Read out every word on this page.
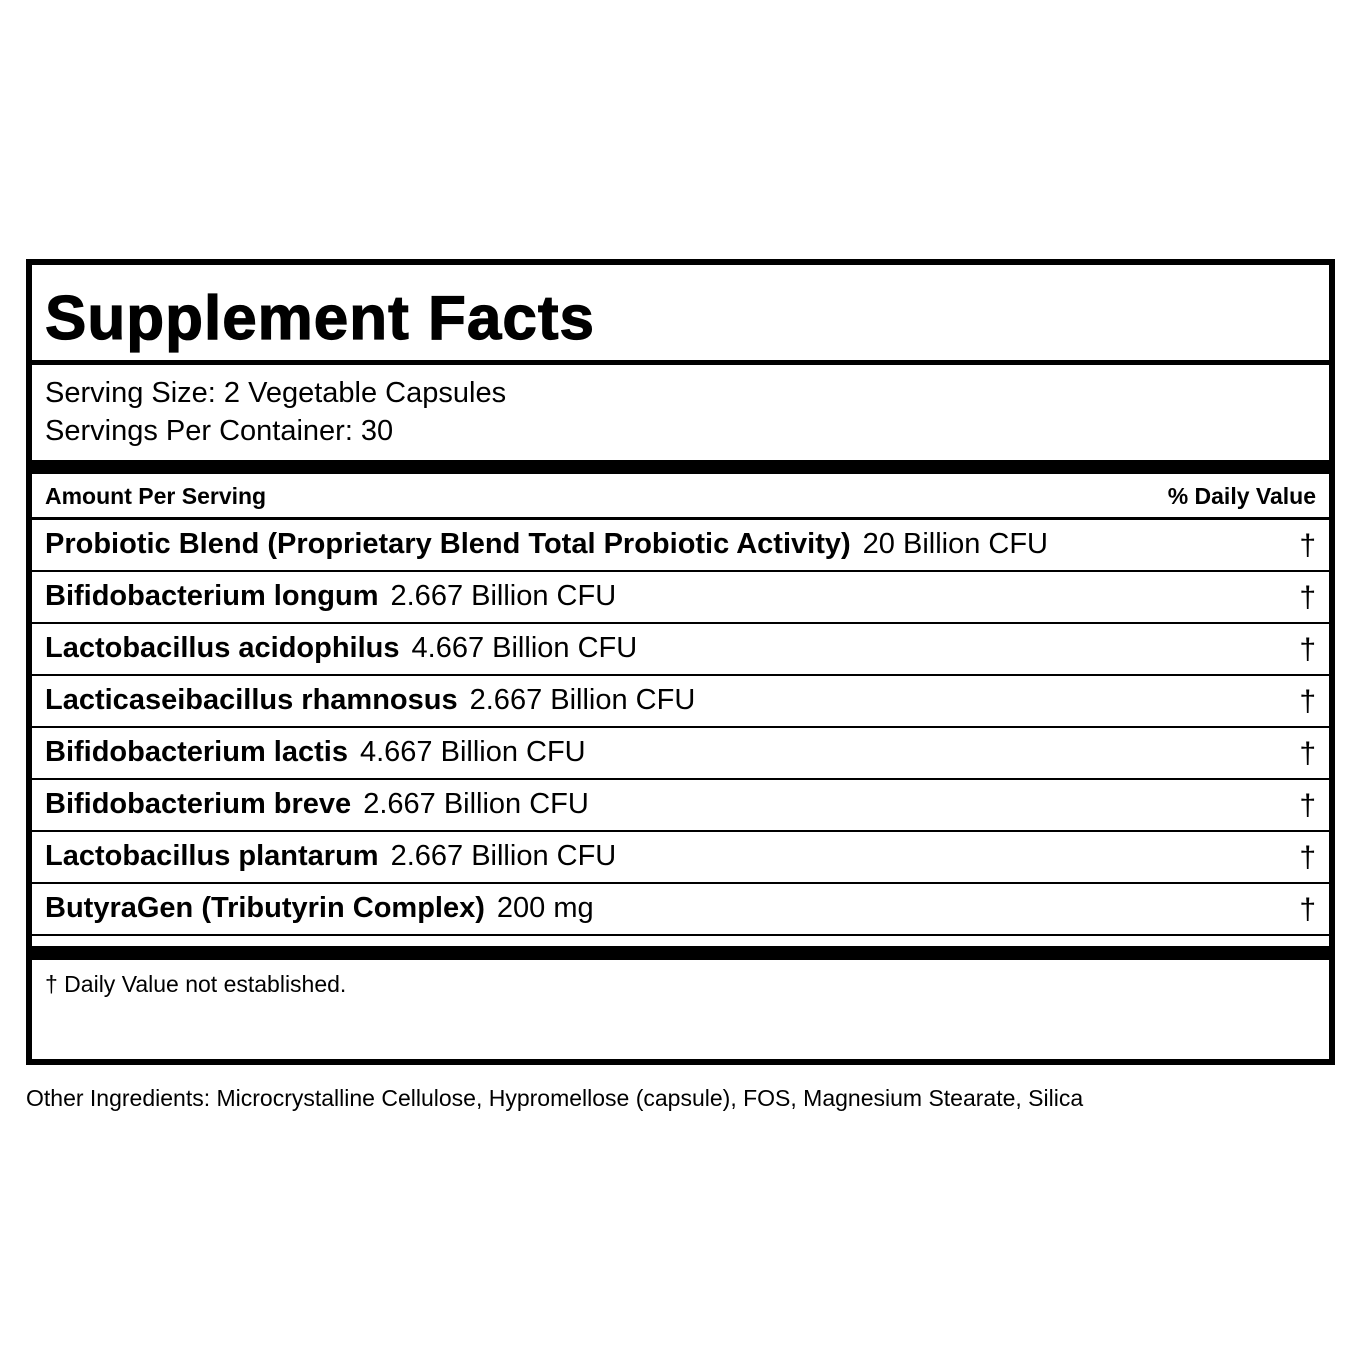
Supplement Facts
Serving Size: 2 Vegetable Capsules
Servings Per Container: 30
Amount Per Serving	% Daily Value
Probiotic Blend (Proprietary Blend Total Probiotic Activity) 20 Billion CFU	†
Bifidobacterium longum 2.667 Billion CFU	†
Lactobacillus acidophilus 4.667 Billion CFU	†
Lacticaseibacillus rhamnosus 2.667 Billion CFU	†
Bifidobacterium lactis 4.667 Billion CFU	†
Bifidobacterium breve 2.667 Billion CFU	†
Lactobacillus plantarum 2.667 Billion CFU	†
ButyraGen (Tributyrin Complex) 200 mg	†
† Daily Value not established.
Other Ingredients: Microcrystalline Cellulose, Hypromellose (capsule), FOS, Magnesium Stearate, Silica
